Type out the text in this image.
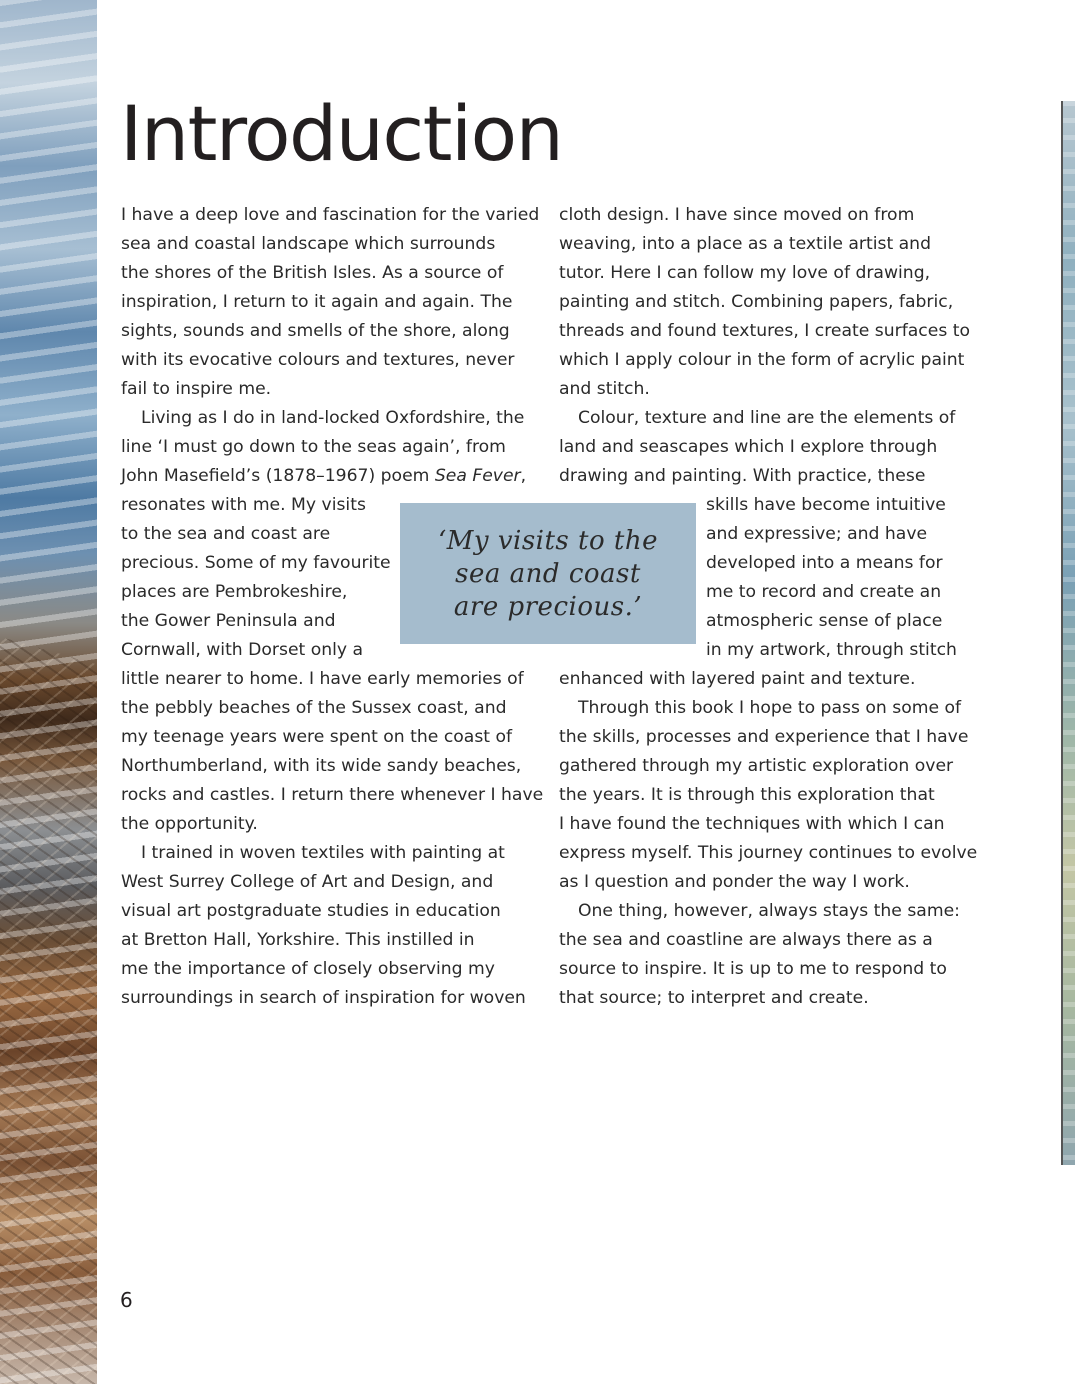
Introduction
I have a deep love and fascination for the varied
sea and coastal landscape which surrounds
the shores of the British Isles. As a source of
inspiration, I return to it again and again. The
sights, sounds and smells of the shore, along
with its evocative colours and textures, never
fail to inspire me.
Living as I do in land-locked Oxfordshire, the
line ‘I must go down to the seas again’, from
John Masefield’s (1878–1967) poem Sea Fever,
resonates with me. My visits
to the sea and coast are
precious. Some of my favourite
places are Pembrokeshire,
the Gower Peninsula and
Cornwall, with Dorset only a
little nearer to home. I have early memories of
the pebbly beaches of the Sussex coast, and
my teenage years were spent on the coast of
Northumberland, with its wide sandy beaches,
rocks and castles. I return there whenever I have
the opportunity.
I trained in woven textiles with painting at
West Surrey College of Art and Design, and
visual art postgraduate studies in education
at Bretton Hall, Yorkshire. This instilled in
me the importance of closely observing my
surroundings in search of inspiration for woven
cloth design. I have since moved on from
weaving, into a place as a textile artist and
tutor. Here I can follow my love of drawing,
painting and stitch. Combining papers, fabric,
threads and found textures, I create surfaces to
which I apply colour in the form of acrylic paint
and stitch.
Colour, texture and line are the elements of
land and seascapes which I explore through
drawing and painting. With practice, these
skills have become intuitive
and expressive; and have
developed into a means for
me to record and create an
atmospheric sense of place
in my artwork, through stitch
enhanced with layered paint and texture.
Through this book I hope to pass on some of
the skills, processes and experience that I have
gathered through my artistic exploration over
the years. It is through this exploration that
I have found the techniques with which I can
express myself. This journey continues to evolve
as I question and ponder the way I work.
One thing, however, always stays the same:
the sea and coastline are always there as a
source to inspire. It is up to me to respond to
that source; to interpret and create.
‘My visits to the
sea and coast
are precious.’
6
